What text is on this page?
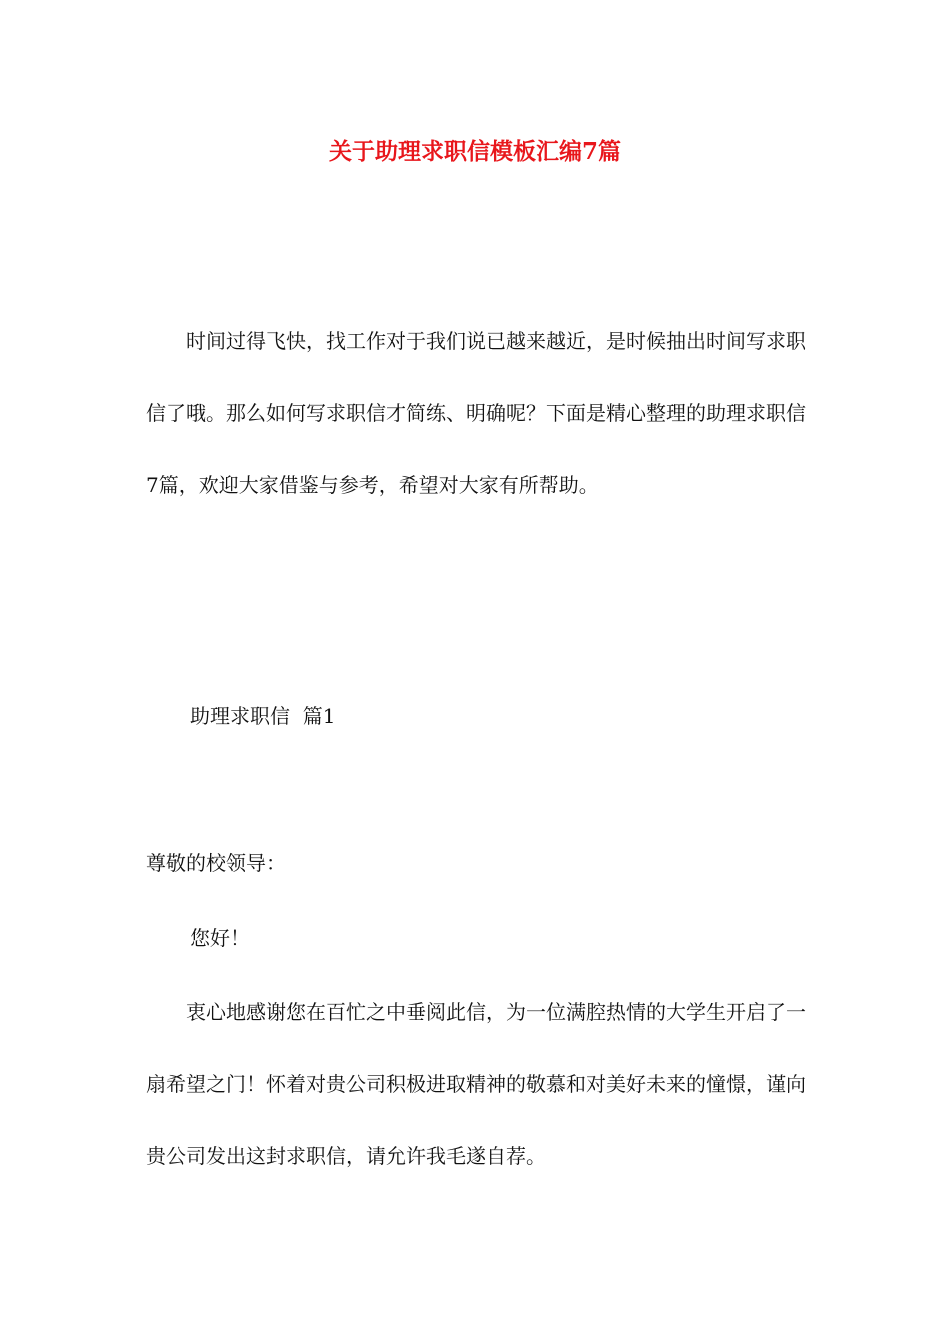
关于助理求职信模板汇编7篇

时间过得飞快，找工作对于我们说已越来越近，是时候抽出时间写求职信了哦。那么如何写求职信才简练、明确呢？下面是精心整理的助理求职信7篇，欢迎大家借鉴与参考，希望对大家有所帮助。

助理求职信  篇1
尊敬的校领导：
您好！

衷心地感谢您在百忙之中垂阅此信，为一位满腔热情的大学生开启了一扇希望之门！怀着对贵公司积极进取精神的敬慕和对美好未来的憧憬，谨向贵公司发出这封求职信，请允许我毛遂自荐。
